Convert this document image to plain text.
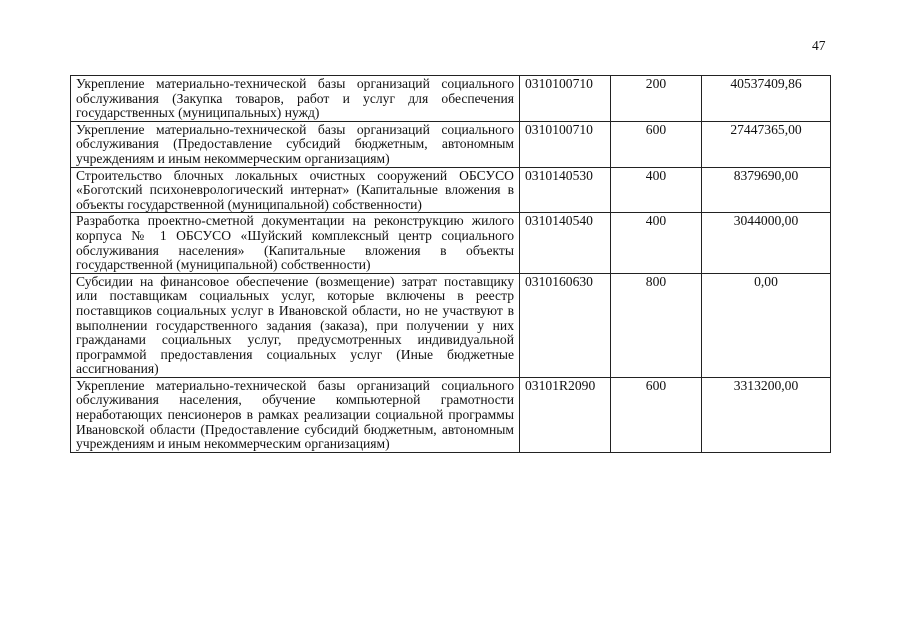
47
Укрепление материально-технической базы организаций социального обслуживания (Закупка товаров, работ и услуг для обеспечения государственных (муниципальных) нужд)	0310100710	200	40537409,86
Укрепление материально-технической базы организаций социального обслуживания (Предоставление субсидий бюджетным, автономным учреждениям и иным некоммерческим организациям)	0310100710	600	27447365,00
Строительство блочных локальных очистных сооружений ОБСУСО «Боготский психоневрологический интернат» (Капитальные вложения в объекты государственной (муниципальной) собственности)	0310140530	400	8379690,00
Разработка проектно-сметной документации на реконструкцию жилого корпуса № 1 ОБСУСО «Шуйский комплексный центр социального обслуживания населения» (Капитальные вложения в объекты государственной (муниципальной) собственности)	0310140540	400	3044000,00
Субсидии на финансовое обеспечение (возмещение) затрат поставщику или поставщикам социальных услуг, которые включены в реестр поставщиков социальных услуг в Ивановской области, но не участвуют в выполнении государственного задания (заказа), при получении у них гражданами социальных услуг, предусмотренных индивидуальной программой предоставления социальных услуг (Иные бюджетные ассигнования)	0310160630	800	0,00
Укрепление материально-технической базы организаций социального обслуживания населения, обучение компьютерной грамотности неработающих пенсионеров в рамках реализации социальной программы Ивановской области (Предоставление субсидий бюджетным, автономным учреждениям и иным некоммерческим организациям)	03101R2090	600	3313200,00
